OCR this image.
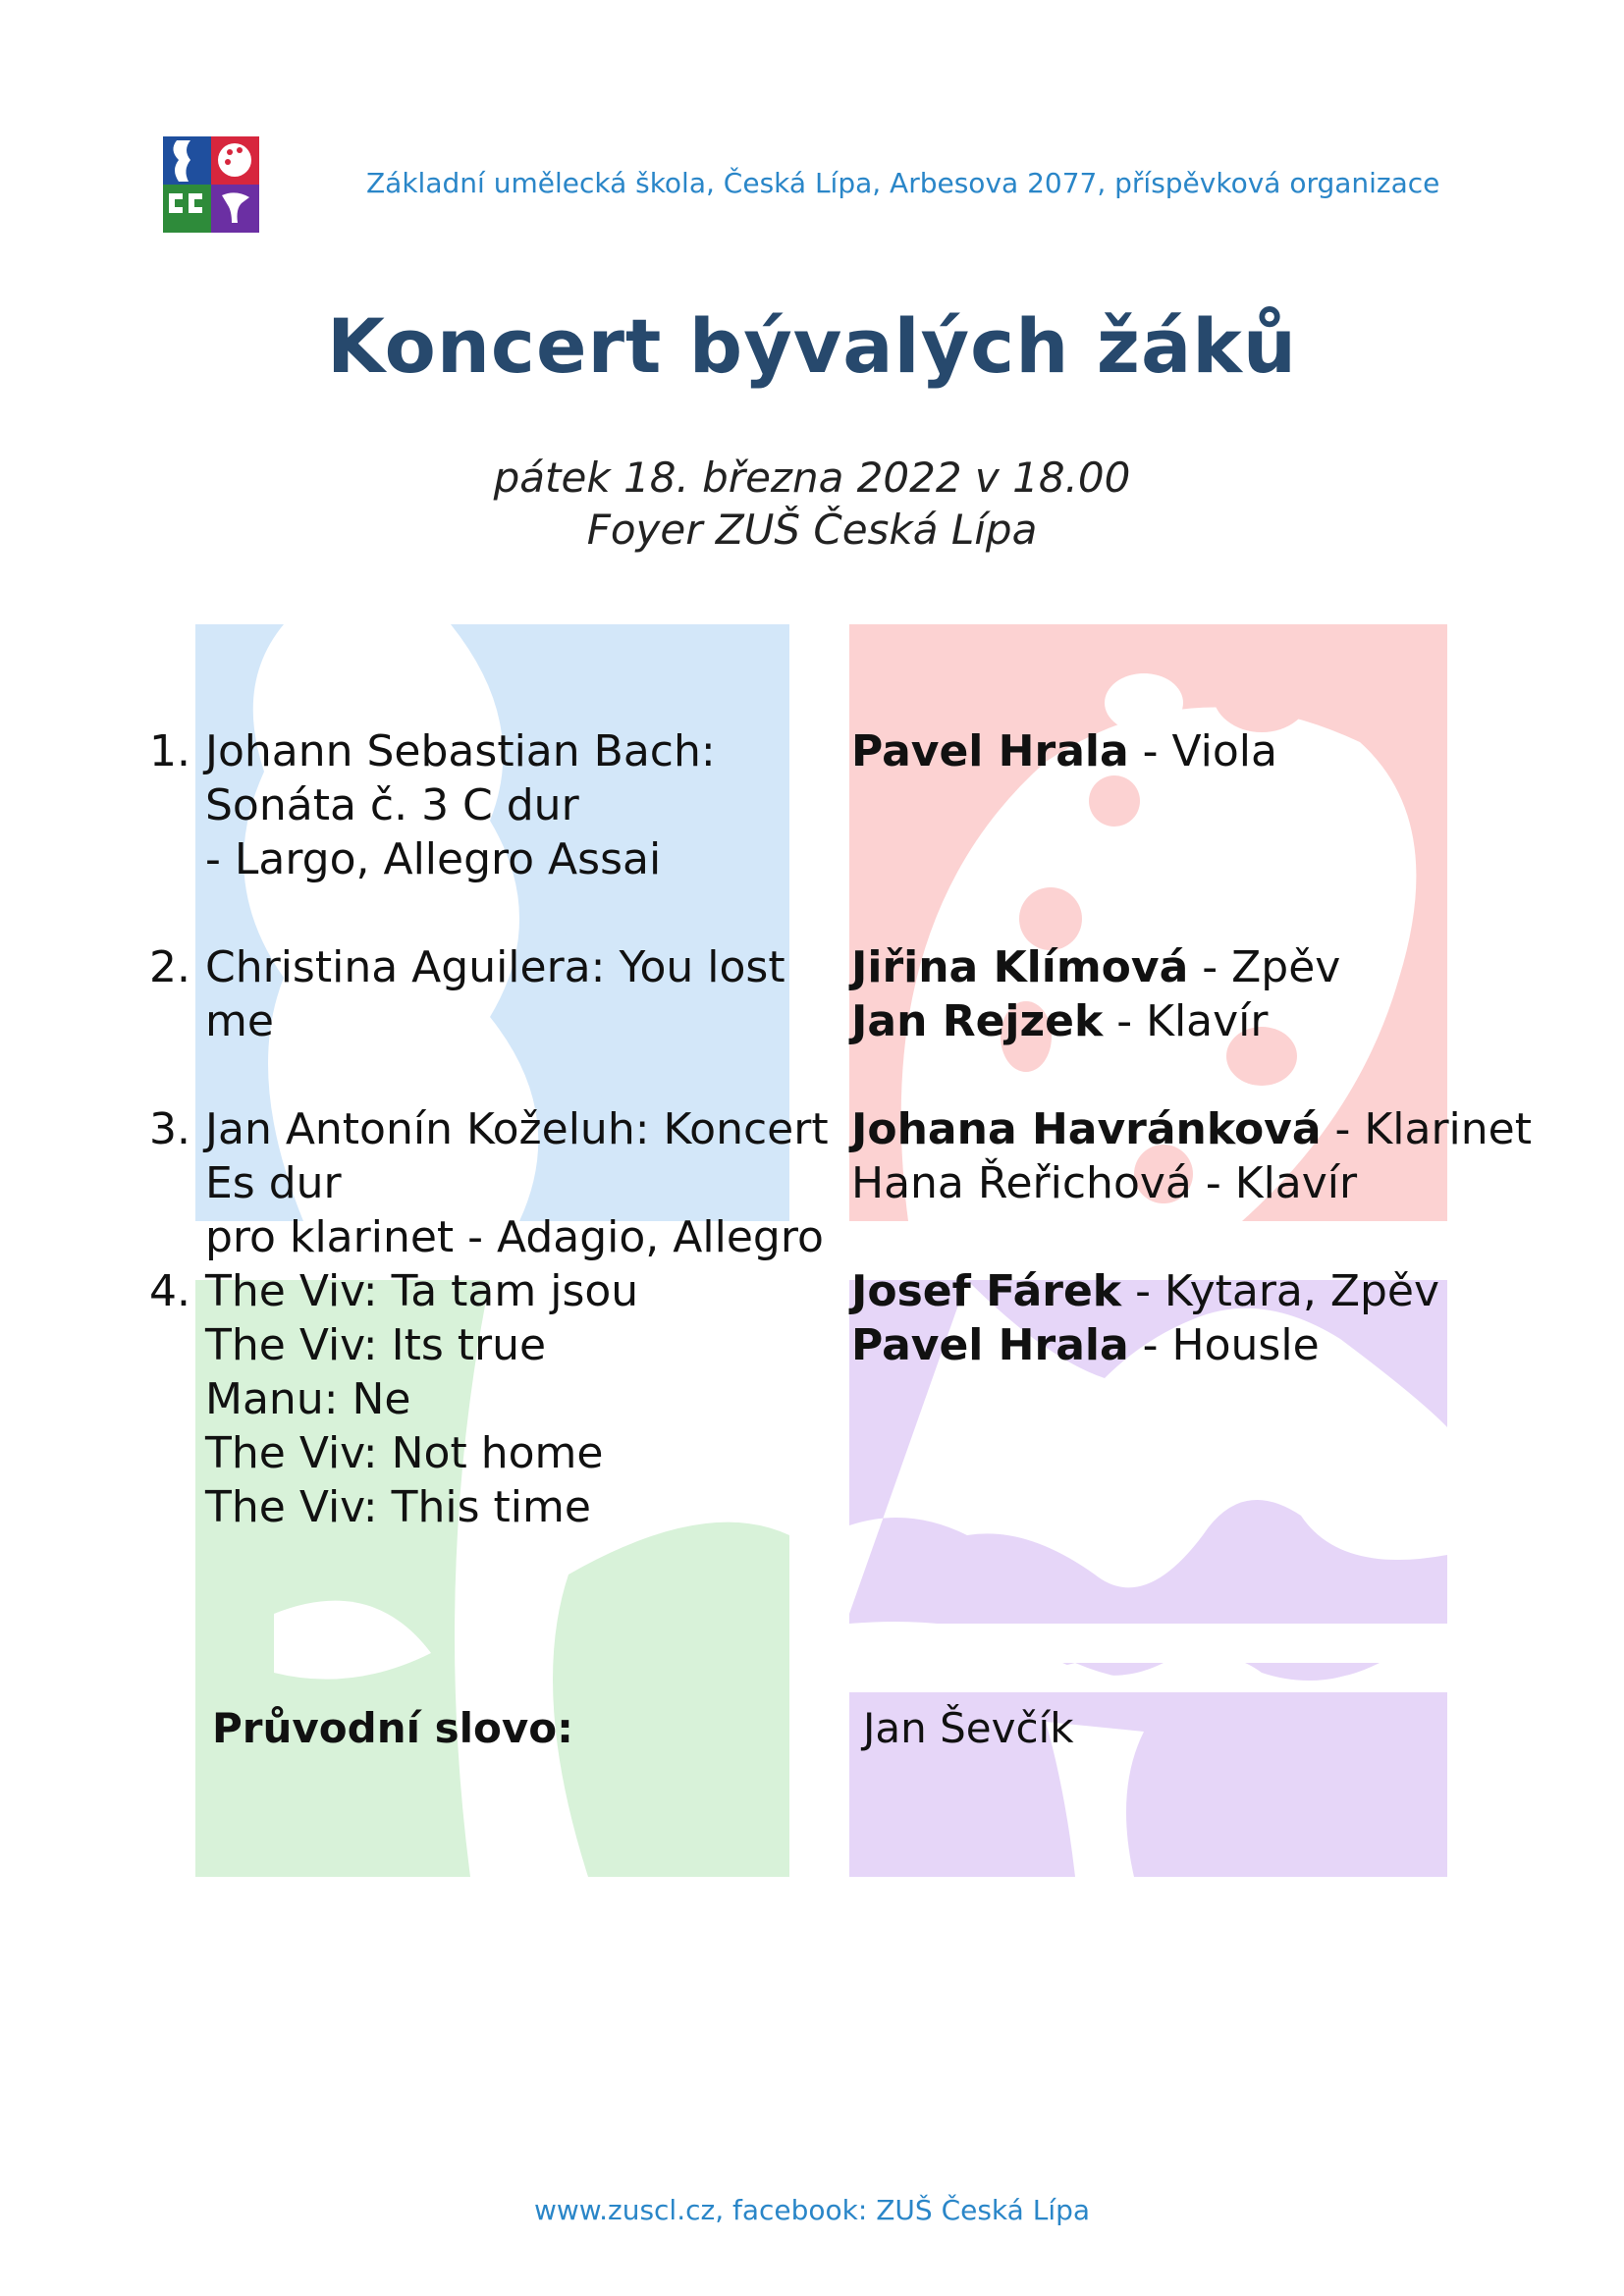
Základní umělecká škola, Česká Lípa, Arbesova 2077, příspěvková organizace
Koncert bývalých žáků
pátek 18. března 2022 v 18.00
Foyer ZUŠ Česká Lípa
1. Johann Sebastian Bach:
Sonáta č. 3 C dur
- Largo, Allegro Assai
2. Christina Aguilera: You lost
me
3. Jan Antonín Koželuh: Koncert
Es dur
pro klarinet - Adagio, Allegro
4. The Viv: Ta tam jsou
The Viv: Its true
Manu: Ne
The Viv: Not home
The Viv: This time
Pavel Hrala - Viola
Jiřina Klímová - Zpěv
Jan Rejzek - Klavír
Johana Havránková - Klarinet
Hana Řeřichová - Klavír
Josef Fárek - Kytara, Zpěv
Pavel Hrala - Housle
Průvodní slovo:	Jan Ševčík
www.zuscl.cz, facebook: ZUŠ Česká Lípa
